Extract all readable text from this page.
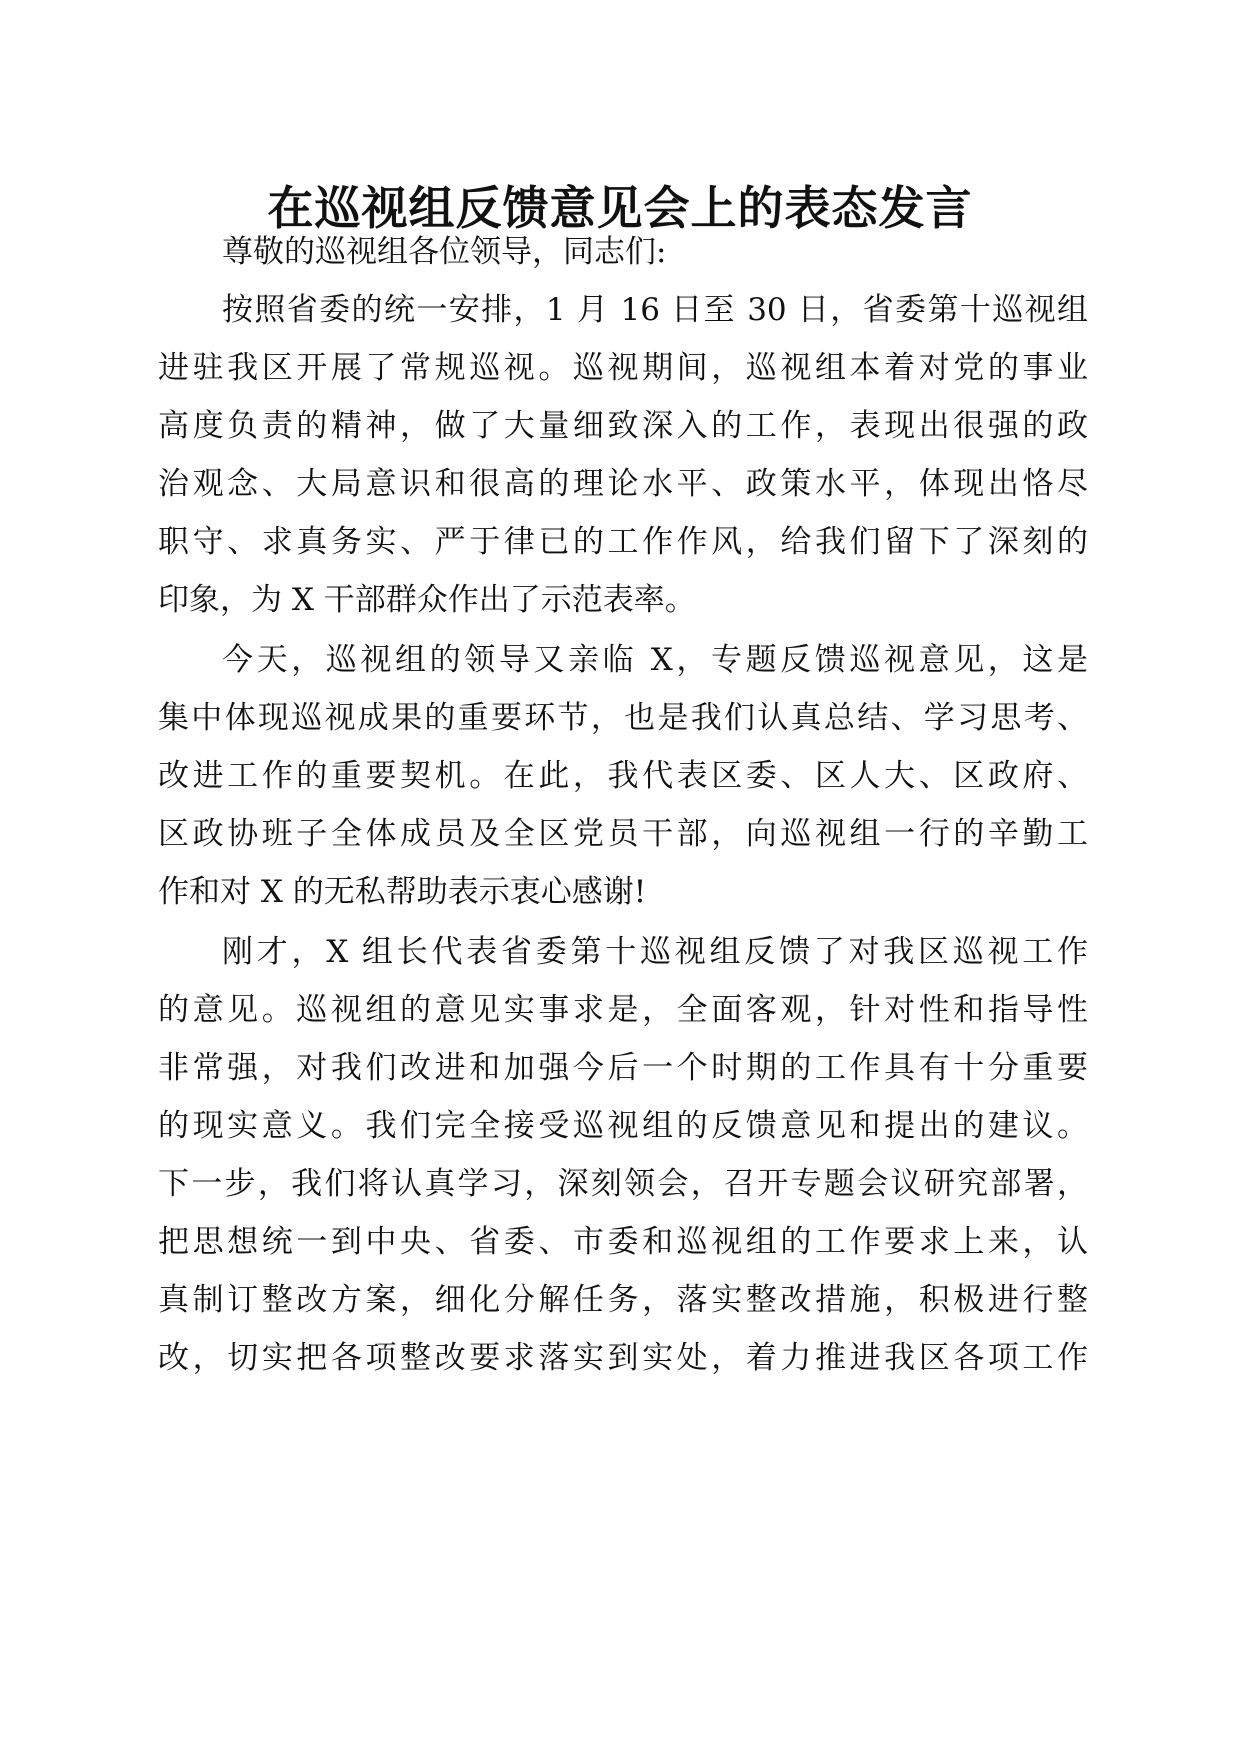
在巡视组反馈意见会上的表态发言

尊敬的巡视组各位领导，同志们:

按照省委的统一安排，1 月 16 日至 30 日，省委第十巡视组

进驻我区开展了常规巡视。巡视期间，巡视组本着对党的事业

高度负责的精神，做了大量细致深入的工作，表现出很强的政

治观念、大局意识和很高的理论水平、政策水平，体现出恪尽

职守、求真务实、严于律已的工作作风，给我们留下了深刻的

印象，为 X 干部群众作出了示范表率。

今天，巡视组的领导又亲临 X，专题反馈巡视意见，这是

集中体现巡视成果的重要环节，也是我们认真总结、学习思考、

改进工作的重要契机。在此，我代表区委、区人大、区政府、

区政协班子全体成员及全区党员干部，向巡视组一行的辛勤工

作和对 X 的无私帮助表示衷心感谢!

刚才，X 组长代表省委第十巡视组反馈了对我区巡视工作

的意见。巡视组的意见实事求是，全面客观，针对性和指导性

非常强，对我们改进和加强今后一个时期的工作具有十分重要

的现实意义。我们完全接受巡视组的反馈意见和提出的建议。

下一步，我们将认真学习，深刻领会，召开专题会议研究部署，

把思想统一到中央、省委、市委和巡视组的工作要求上来，认

真制订整改方案，细化分解任务，落实整改措施，积极进行整

改，切实把各项整改要求落实到实处，着力推进我区各项工作
